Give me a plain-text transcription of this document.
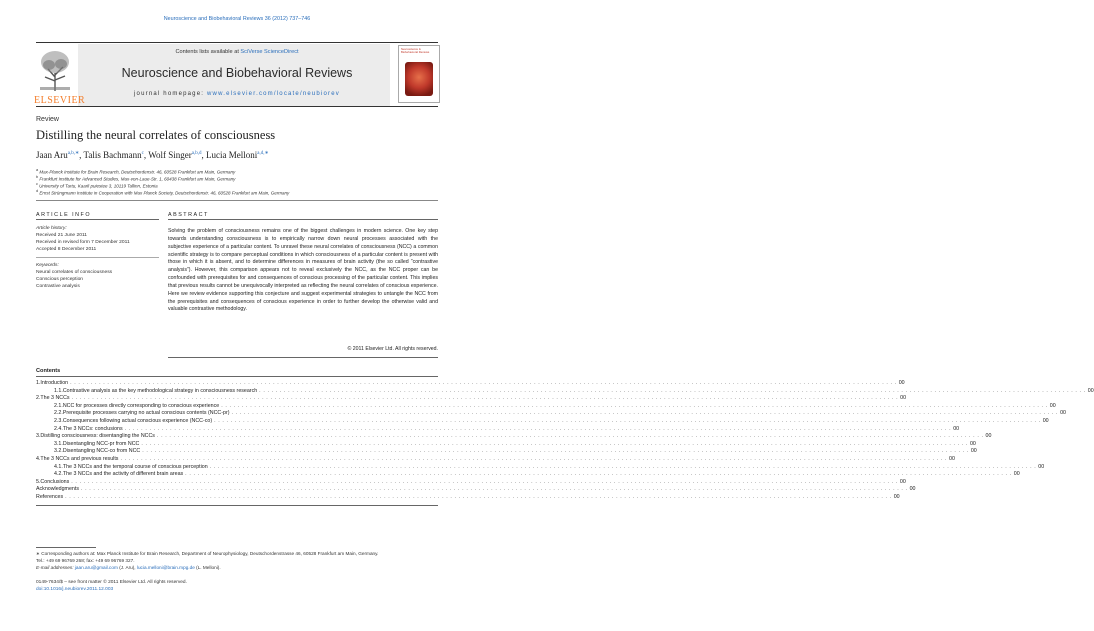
Neuroscience and Biobehavioral Reviews 36 (2012) 737–746
ELSEVIER
Contents lists available at SciVerse ScienceDirect
Neuroscience and Biobehavioral Reviews
journal homepage: www.elsevier.com/locate/neubiorev
Neuroscience & Biobehavioral Reviews
Review
Distilling the neural correlates of consciousness
Jaan Aru$^{a,b,∗}$, Talis Bachmann$^c$, Wolf Singer$^{a,b,d}$, Lucia Melloni$^{a,d,∗}$
$^a$ Max-Planck Institute for Brain Research, Deutschordenstr. 46, 60528 Frankfurt am Main, Germany
$^b$ Frankfurt Institute for Advanced Studies, Max-von-Laue-Str. 1, 60438 Frankfurt am Main, Germany
$^c$ University of Tartu, Kaarli puiestee 3, 10119 Tallinn, Estonia
$^d$ Ernst Strüngmann Institute in Cooperation with Max Planck Society, Deutschordenstr. 46, 60528 Frankfurt am Main, Germany
ARTICLE INFO	ABSTRACT
Article history:
Received 21 June 2011
Received in revised form 7 December 2011
Accepted 8 December 2011
Keywords:
Neural correlates of consciousness
Conscious perception
Contrastive analysis
Solving the problem of consciousness remains one of the biggest challenges in modern science. One key step towards understanding consciousness is to empirically narrow down neural processes associated with the subjective experience of a particular content. To unravel these neural correlates of consciousness (NCC) a common scientific strategy is to compare perceptual conditions in which consciousness of a particular content is present with those in which it is absent, and to determine differences in measures of brain activity (the so called “contrastive analysis”). However, this comparison appears not to reveal exclusively the NCC, as the NCC proper can be confounded with prerequisites for and consequences of conscious processing of the particular content. This implies that previous results cannot be unequivocally interpreted as reflecting the neural correlates of conscious experience. Here we review evidence supporting this conjecture and suggest experimental strategies to untangle the NCC from the prerequisites and consequences of conscious experience in order to further develop the otherwise valid and valuable contrastive methodology.
© 2011 Elsevier Ltd. All rights reserved.
Contents
1. Introduction . . . . . . . . . . . . . . . . . . . . . . . . . . . . . . . . . . . . . . . . . . . . . . . . . . . . . . . . . . . . . . . . . . . . . . . . . . . . . . . . . . . . . . . . . . . . . . . . . . . . . . . . . . . . . . . . . . . . . . . . . . . . . . . . . . . . . . . . . . . . . . . . . . . . . . . . . . . . . . . . . . . . . . . . . . . . . . . . . . . . . . . . . . . . . . . . . . . . . . . . 00
1.1. Contrastive analysis as the key methodological strategy in consciousness research . . . . . . . . . . . . . . . . . . . . . . . . . . . . . . . . . . . . . . . . . . . . . . . . . . . . . . . . . . . . . . . . . . . . . . . . . . . . . . . . . . . . . . . . . . . . . . . . . . . . . . . . . . . . . . . . . . . . . . . . . . . . . . . . . . . . . . . . . . . . . . . . . . . . . . . . . . . . . . . . . . . . . . . . . . . . . . . . . . . . . . . . . . . . . . . . . . . . . . . . 00
2. The 3 NCCs . . . . . . . . . . . . . . . . . . . . . . . . . . . . . . . . . . . . . . . . . . . . . . . . . . . . . . . . . . . . . . . . . . . . . . . . . . . . . . . . . . . . . . . . . . . . . . . . . . . . . . . . . . . . . . . . . . . . . . . . . . . . . . . . . . . . . . . . . . . . . . . . . . . . . . . . . . . . . . . . . . . . . . . . . . . . . . . . . . . . . . . . . . . . . . . . . . . . . . . . 00
2.1. NCC for processes directly corresponding to conscious experience . . . . . . . . . . . . . . . . . . . . . . . . . . . . . . . . . . . . . . . . . . . . . . . . . . . . . . . . . . . . . . . . . . . . . . . . . . . . . . . . . . . . . . . . . . . . . . . . . . . . . . . . . . . . . . . . . . . . . . . . . . . . . . . . . . . . . . . . . . . . . . . . . . . . . . . . . . . . . . . . . . . . . . . . . . . . . . . . . . . . . . . . . . . . . . . . . . . . . . . . 00
2.2. Prerequisite processes carrying no actual conscious contents (NCC-pr) . . . . . . . . . . . . . . . . . . . . . . . . . . . . . . . . . . . . . . . . . . . . . . . . . . . . . . . . . . . . . . . . . . . . . . . . . . . . . . . . . . . . . . . . . . . . . . . . . . . . . . . . . . . . . . . . . . . . . . . . . . . . . . . . . . . . . . . . . . . . . . . . . . . . . . . . . . . . . . . . . . . . . . . . . . . . . . . . . . . . . . . . . . . . . . . . . . . . . . . . 00
2.3. Consequences following actual conscious experience (NCC-co) . . . . . . . . . . . . . . . . . . . . . . . . . . . . . . . . . . . . . . . . . . . . . . . . . . . . . . . . . . . . . . . . . . . . . . . . . . . . . . . . . . . . . . . . . . . . . . . . . . . . . . . . . . . . . . . . . . . . . . . . . . . . . . . . . . . . . . . . . . . . . . . . . . . . . . . . . . . . . . . . . . . . . . . . . . . . . . . . . . . . . . . . . . . . . . . . . . . . . . . . 00
2.4. The 3 NCCs: conclusions . . . . . . . . . . . . . . . . . . . . . . . . . . . . . . . . . . . . . . . . . . . . . . . . . . . . . . . . . . . . . . . . . . . . . . . . . . . . . . . . . . . . . . . . . . . . . . . . . . . . . . . . . . . . . . . . . . . . . . . . . . . . . . . . . . . . . . . . . . . . . . . . . . . . . . . . . . . . . . . . . . . . . . . . . . . . . . . . . . . . . . . . . . . . . . . . . . . . . . . . 00
3. Distilling consciousness: disentangling the NCCs . . . . . . . . . . . . . . . . . . . . . . . . . . . . . . . . . . . . . . . . . . . . . . . . . . . . . . . . . . . . . . . . . . . . . . . . . . . . . . . . . . . . . . . . . . . . . . . . . . . . . . . . . . . . . . . . . . . . . . . . . . . . . . . . . . . . . . . . . . . . . . . . . . . . . . . . . . . . . . . . . . . . . . . . . . . . . . . . . . . . . . . . . . . . . . . . . . . . . . . . 00
3.1. Disentangling NCC-pr from NCC . . . . . . . . . . . . . . . . . . . . . . . . . . . . . . . . . . . . . . . . . . . . . . . . . . . . . . . . . . . . . . . . . . . . . . . . . . . . . . . . . . . . . . . . . . . . . . . . . . . . . . . . . . . . . . . . . . . . . . . . . . . . . . . . . . . . . . . . . . . . . . . . . . . . . . . . . . . . . . . . . . . . . . . . . . . . . . . . . . . . . . . . . . . . . . . . . . . . . . . . 00
3.2. Disentangling NCC-co from NCC . . . . . . . . . . . . . . . . . . . . . . . . . . . . . . . . . . . . . . . . . . . . . . . . . . . . . . . . . . . . . . . . . . . . . . . . . . . . . . . . . . . . . . . . . . . . . . . . . . . . . . . . . . . . . . . . . . . . . . . . . . . . . . . . . . . . . . . . . . . . . . . . . . . . . . . . . . . . . . . . . . . . . . . . . . . . . . . . . . . . . . . . . . . . . . . . . . . . . . . . 00
4. The 3 NCCs and previous results . . . . . . . . . . . . . . . . . . . . . . . . . . . . . . . . . . . . . . . . . . . . . . . . . . . . . . . . . . . . . . . . . . . . . . . . . . . . . . . . . . . . . . . . . . . . . . . . . . . . . . . . . . . . . . . . . . . . . . . . . . . . . . . . . . . . . . . . . . . . . . . . . . . . . . . . . . . . . . . . . . . . . . . . . . . . . . . . . . . . . . . . . . . . . . . . . . . . . . . . 00
4.1. The 3 NCCs and the temporal course of conscious perception . . . . . . . . . . . . . . . . . . . . . . . . . . . . . . . . . . . . . . . . . . . . . . . . . . . . . . . . . . . . . . . . . . . . . . . . . . . . . . . . . . . . . . . . . . . . . . . . . . . . . . . . . . . . . . . . . . . . . . . . . . . . . . . . . . . . . . . . . . . . . . . . . . . . . . . . . . . . . . . . . . . . . . . . . . . . . . . . . . . . . . . . . . . . . . . . . . . . . . . . 00
4.2. The 3 NCCs and the activity of different brain areas . . . . . . . . . . . . . . . . . . . . . . . . . . . . . . . . . . . . . . . . . . . . . . . . . . . . . . . . . . . . . . . . . . . . . . . . . . . . . . . . . . . . . . . . . . . . . . . . . . . . . . . . . . . . . . . . . . . . . . . . . . . . . . . . . . . . . . . . . . . . . . . . . . . . . . . . . . . . . . . . . . . . . . . . . . . . . . . . . . . . . . . . . . . . . . . . . . . . . . . . 00
5. Conclusions . . . . . . . . . . . . . . . . . . . . . . . . . . . . . . . . . . . . . . . . . . . . . . . . . . . . . . . . . . . . . . . . . . . . . . . . . . . . . . . . . . . . . . . . . . . . . . . . . . . . . . . . . . . . . . . . . . . . . . . . . . . . . . . . . . . . . . . . . . . . . . . . . . . . . . . . . . . . . . . . . . . . . . . . . . . . . . . . . . . . . . . . . . . . . . . . . . . . . . . . 00
Acknowledgments . . . . . . . . . . . . . . . . . . . . . . . . . . . . . . . . . . . . . . . . . . . . . . . . . . . . . . . . . . . . . . . . . . . . . . . . . . . . . . . . . . . . . . . . . . . . . . . . . . . . . . . . . . . . . . . . . . . . . . . . . . . . . . . . . . . . . . . . . . . . . . . . . . . . . . . . . . . . . . . . . . . . . . . . . . . . . . . . . . . . . . . . . . . . . . . . . . . . . . . . 00
References . . . . . . . . . . . . . . . . . . . . . . . . . . . . . . . . . . . . . . . . . . . . . . . . . . . . . . . . . . . . . . . . . . . . . . . . . . . . . . . . . . . . . . . . . . . . . . . . . . . . . . . . . . . . . . . . . . . . . . . . . . . . . . . . . . . . . . . . . . . . . . . . . . . . . . . . . . . . . . . . . . . . . . . . . . . . . . . . . . . . . . . . . . . . . . . . . . . . . . . . 00
∗ Corresponding authors at: Max Planck Institute for Brain Research, Department of Neurophysiology, Deutschordenstrasse 46, 60528 Frankfurt am Main, Germany.
Tel.: +49 69 96769 268; fax: +49 69 96769 327.
E-mail addresses: jaan.aru@gmail.com (J. Aru), lucia.melloni@brain.mpg.de (L. Melloni).
0149-7634/$ – see front matter © 2011 Elsevier Ltd. All rights reserved.
doi:10.1016/j.neubiorev.2011.12.003
